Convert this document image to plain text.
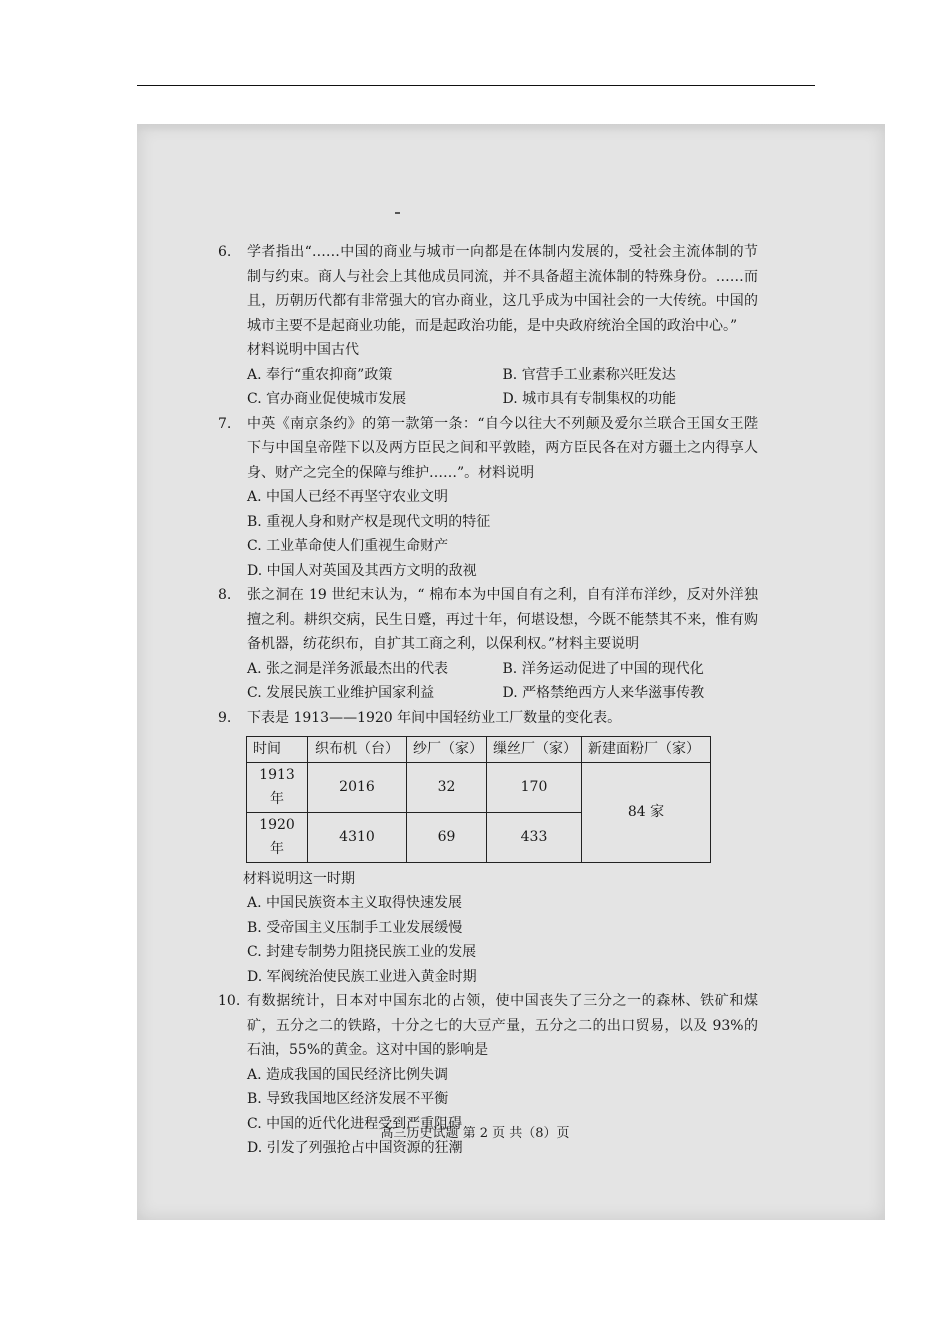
6. 学者指出“……中国的商业与城市一向都是在体制内发展的，受社会主流体制的节制与约束。商人与社会上其他成员同流，并不具备超主流体制的特殊身份。……而且，历朝历代都有非常强大的官办商业，这几乎成为中国社会的一大传统。中国的城市主要不是起商业功能，而是起政治功能，是中央政府统治全国的政治中心。”
材料说明中国古代
A. 奉行“重农抑商”政策	B. 官营手工业素称兴旺发达
C. 官办商业促使城市发展	D. 城市具有专制集权的功能
7. 中英《南京条约》的第一款第一条：“自今以往大不列颠及爱尔兰联合王国女王陛下与中国皇帝陛下以及两方臣民之间和平敦睦，两方臣民各在对方疆土之内得享人身、财产之完全的保障与维护……”。材料说明
A. 中国人已经不再坚守农业文明
B. 重视人身和财产权是现代文明的特征
C. 工业革命使人们重视生命财产
D. 中国人对英国及其西方文明的敌视
8. 张之洞在 19 世纪末认为，“ 棉布本为中国自有之利，自有洋布洋纱，反对外洋独擅之利。耕织交病，民生日蹙，再过十年，何堪设想，今既不能禁其不来，惟有购备机器，纺花织布，自扩其工商之利，以保利权。”材料主要说明
A. 张之洞是洋务派最杰出的代表	B. 洋务运动促进了中国的现代化
C. 发展民族工业维护国家利益	D. 严格禁绝西方人来华滋事传教
9. 下表是 1913——1920 年间中国轻纺业工厂数量的变化表。
时间	织布机（台）	纱厂（家）	缫丝厂（家）	新建面粉厂（家）
1913 年	2016	32	170	84 家
1920 年	4310	69	433	
材料说明这一时期
A. 中国民族资本主义取得快速发展
B. 受帝国主义压制手工业发展缓慢
C. 封建专制势力阻挠民族工业的发展
D. 军阀统治使民族工业进入黄金时期
10. 有数据统计，日本对中国东北的占领，使中国丧失了三分之一的森林、铁矿和煤矿，五分之二的铁路，十分之七的大豆产量，五分之二的出口贸易，以及 93%的石油，55%的黄金。这对中国的影响是
A. 造成我国的国民经济比例失调
B. 导致我国地区经济发展不平衡
C. 中国的近代化进程受到严重阻碍
D. 引发了列强抢占中国资源的狂潮
高三历史试题 第 2 页 共（8）页
